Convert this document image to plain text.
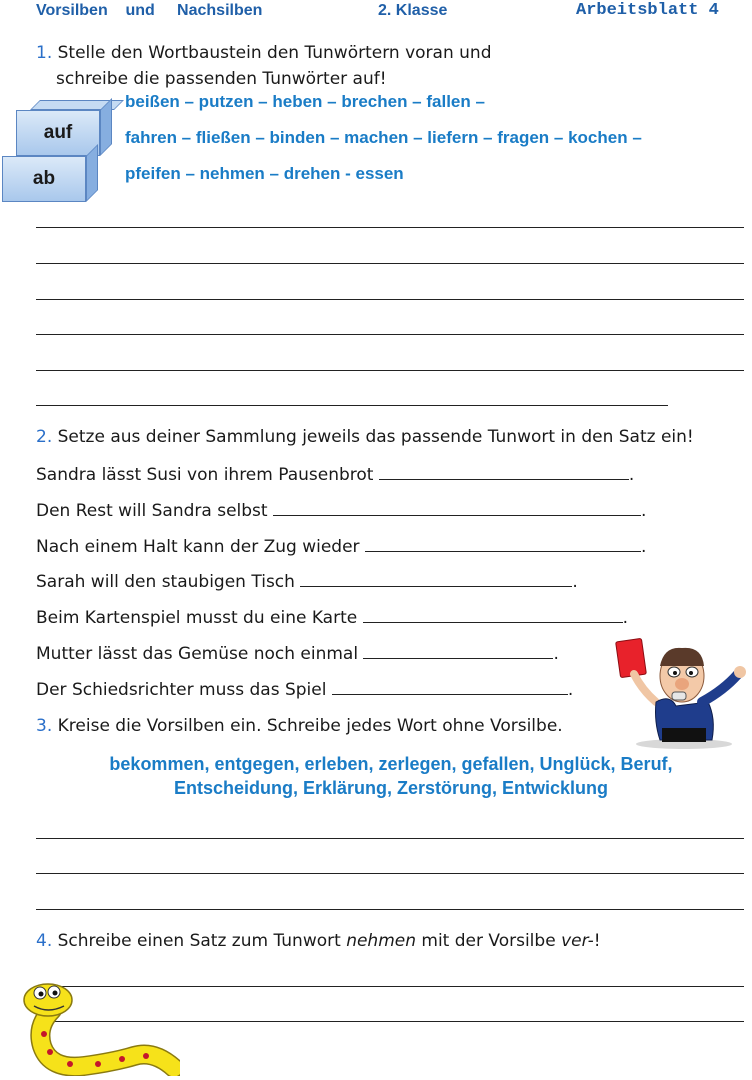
Vorsilben    und     Nachsilben	2. Klasse	Arbeitsblatt 4
1. Stelle den Wortbaustein den Tunwörtern voran und
schreibe die passenden Tunwörter auf!
auf
ab
beißen – putzen – heben – brechen – fallen –
fahren – fließen – binden – machen – liefern – fragen – kochen –
pfeifen – nehmen – drehen - essen
2. Setze aus deiner Sammlung jeweils das passende Tunwort in den Satz ein!
Sandra lässt Susi von ihrem Pausenbrot	.
Den Rest will Sandra selbst	.
Nach einem Halt kann der Zug wieder	.
Sarah will den staubigen Tisch	.
Beim Kartenspiel musst du eine Karte	.
Mutter lässt das Gemüse noch einmal	.
Der Schiedsrichter muss das Spiel	.
3. Kreise die Vorsilben ein. Schreibe jedes Wort ohne Vorsilbe.
bekommen, entgegen, erleben, zerlegen, gefallen, Unglück, Beruf,
Entscheidung, Erklärung, Zerstörung, Entwicklung
4. Schreibe einen Satz zum Tunwort nehmen mit der Vorsilbe ver-!
